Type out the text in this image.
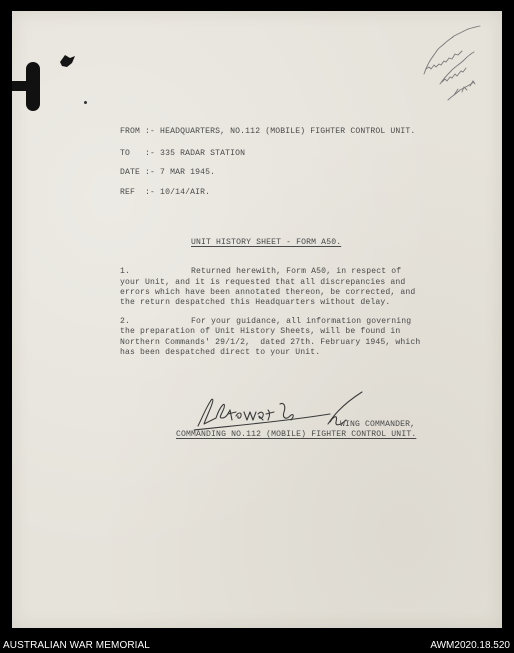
FROM :- HEADQUARTERS, NO.112 (MOBILE) FIGHTER CONTROL UNIT.
TO   :- 335 RADAR STATION
DATE :- 7 MAR 1945.
REF  :- 10/14/AIR.
UNIT HISTORY SHEET - FORM A50.
1.	Returned herewith, Form A50, in respect of
your Unit, and it is requested that all discrepancies and
errors which have been annotated thereon, be corrected, and
the return despatched this Headquarters without delay.
2.	For your guidance, all information governing
the preparation of Unit History Sheets, will be found in
Northern Commands' 29/1/2,  dated 27th. February 1945, which
has been despatched direct to your Unit.
WING COMMANDER,
COMMANDING NO.112 (MOBILE) FIGHTER CONTROL UNIT.
AUSTRALIAN WAR MEMORIAL	AWM2020.18.520
